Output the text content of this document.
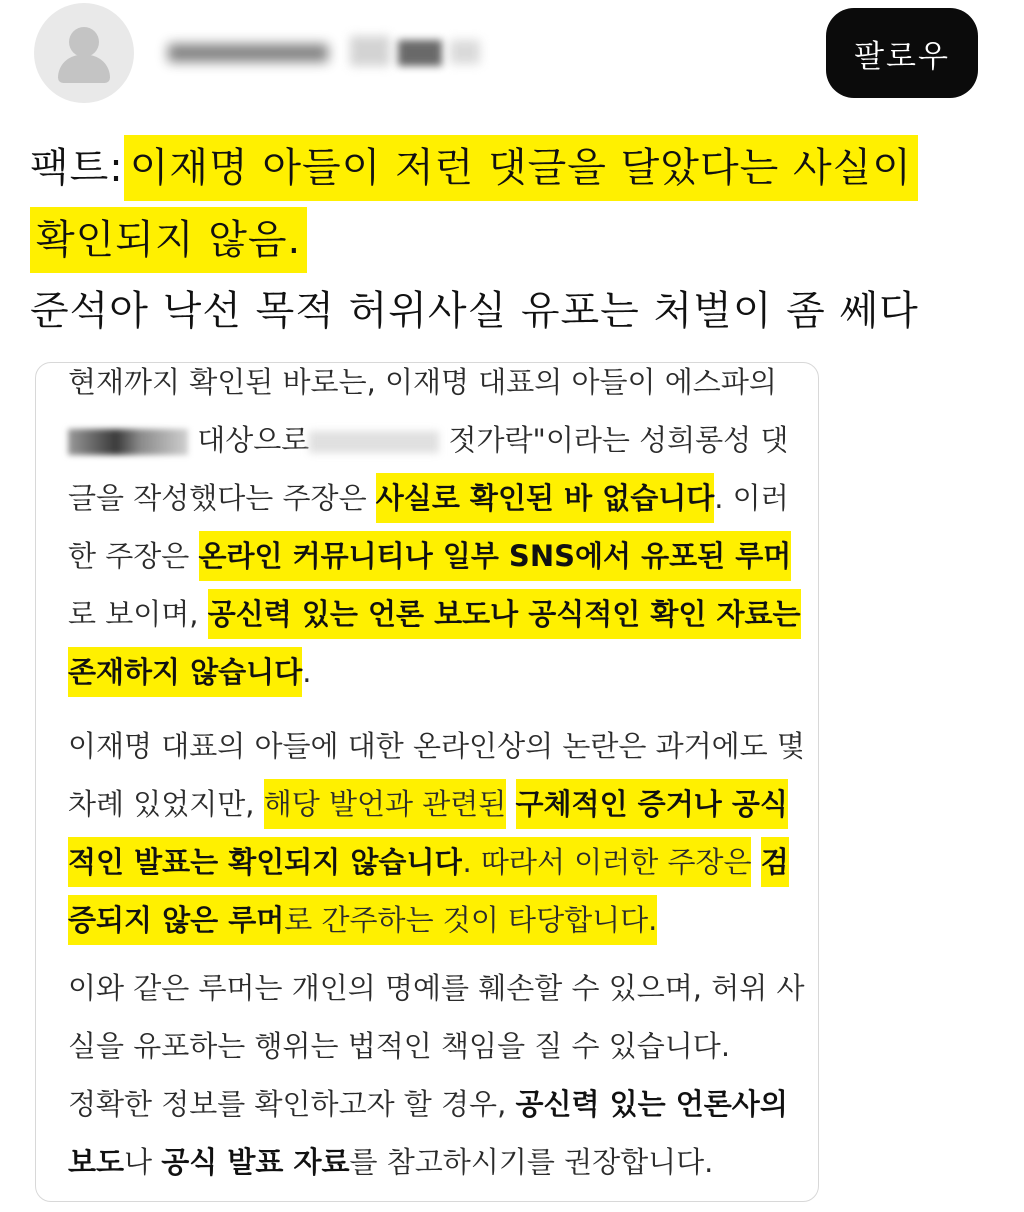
팔로우
팩트: 이재명 아들이 저런 댓글을 달았다는 사실이
확인되지 않음.
준석아 낙선 목적 허위사실 유포는 처벌이 좀 쎄다

현재까지 확인된 바로는, 이재명 대표의 아들이 에스파의
대상으로	젓가락"이라는 성희롱성 댓글을 작성했다는 주장은 사실로 확인된 바 없습니다. 이러한 주장은 온라인 커뮤니티나 일부 SNS에서 유포된 루머로 보이며, 공신력 있는 언론 보도나 공식적인 확인 자료는 존재하지 않습니다.

이재명 대표의 아들에 대한 온라인상의 논란은 과거에도 몇 차례 있었지만, 해당 발언과 관련된 구체적인 증거나 공식적인 발표는 확인되지 않습니다. 따라서 이러한 주장은 검증되지 않은 루머로 간주하는 것이 타당합니다.

이와 같은 루머는 개인의 명예를 훼손할 수 있으며, 허위 사실을 유포하는 행위는 법적인 책임을 질 수 있습니다.

정확한 정보를 확인하고자 할 경우, 공신력 있는 언론사의 보도나 공식 발표 자료를 참고하시기를 권장합니다.
